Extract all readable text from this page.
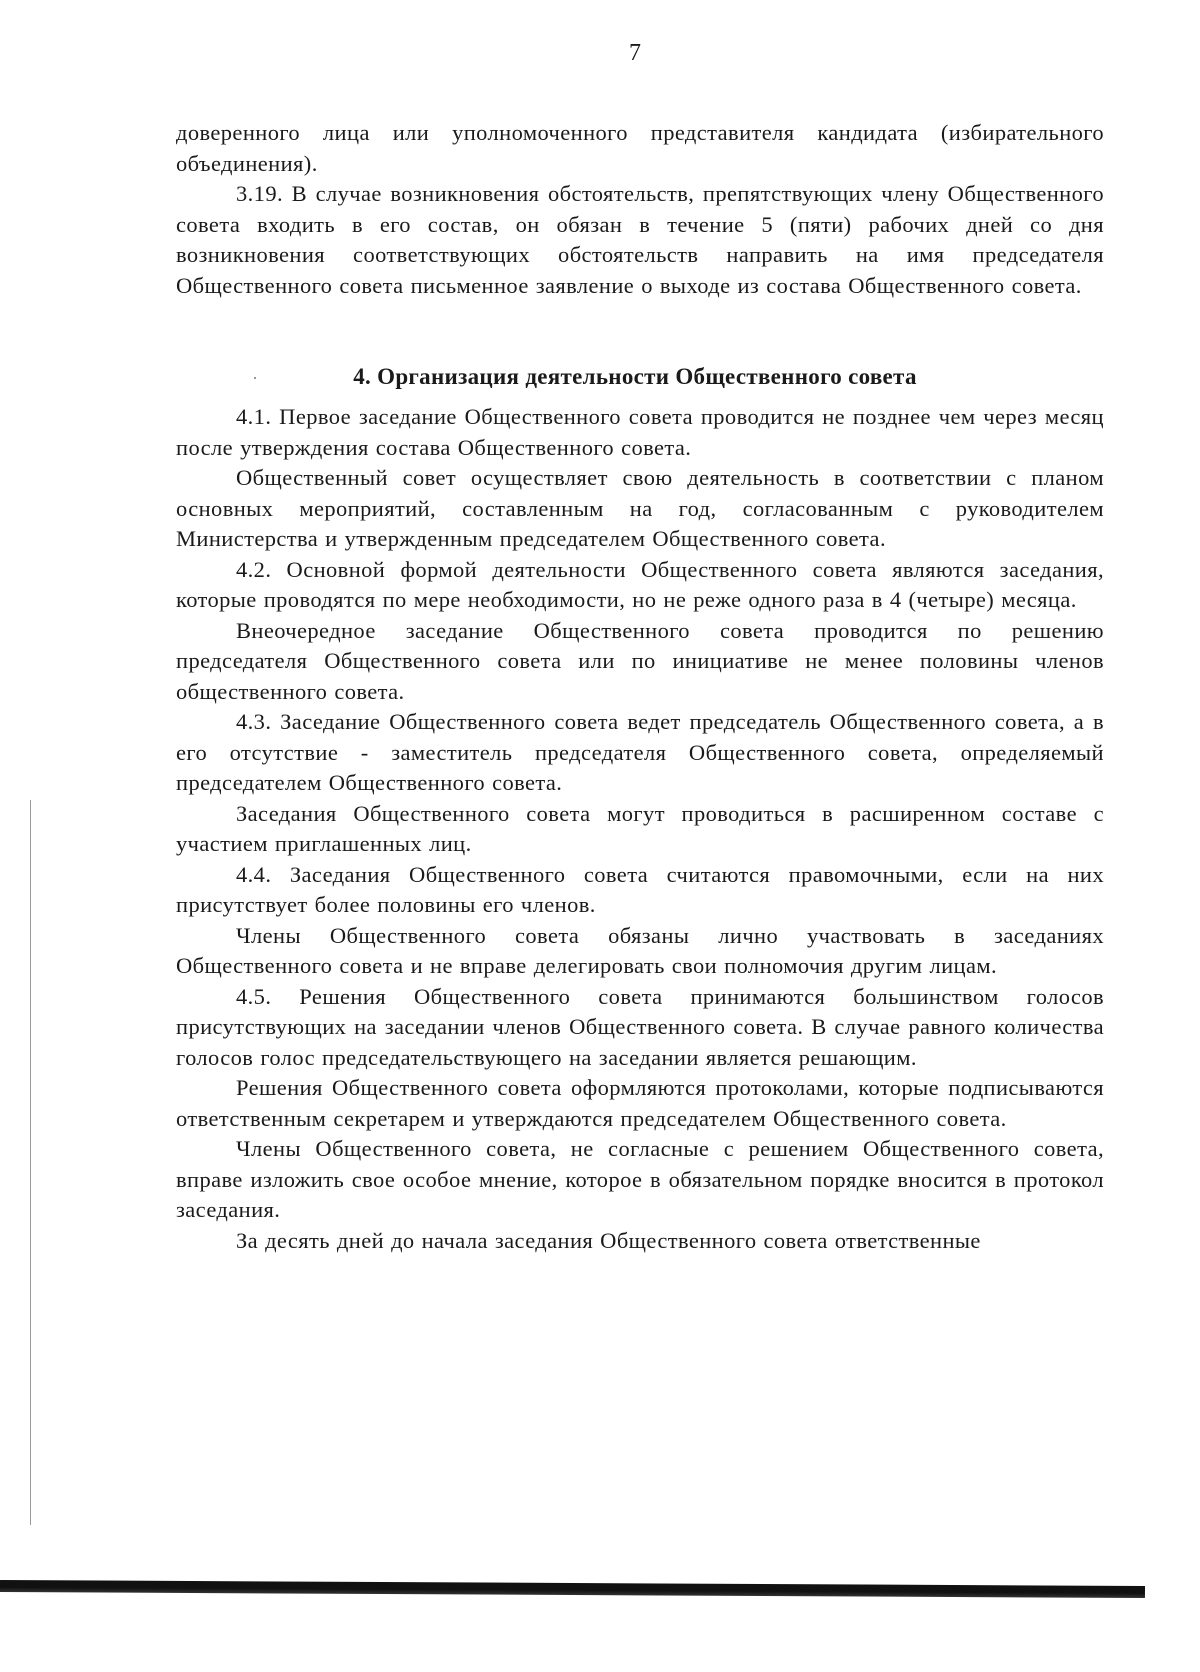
7

доверенного лица или уполномоченного представителя кандидата (избирательного объединения).

3.19. В случае возникновения обстоятельств, препятствующих члену Общественного совета входить в его состав, он обязан в течение 5 (пяти) рабочих дней со дня возникновения соответствующих обстоятельств направить на имя председателя Общественного совета письменное заявление о выходе из состава Общественного совета.

4. Организация деятельности Общественного совета

4.1. Первое заседание Общественного совета проводится не позднее чем через месяц после утверждения состава Общественного совета.

Общественный совет осуществляет свою деятельность в соответствии с планом основных мероприятий, составленным на год, согласованным с руководителем Министерства и утвержденным председателем Общественного совета.

4.2. Основной формой деятельности Общественного совета являются заседания, которые проводятся по мере необходимости, но не реже одного раза в 4 (четыре) месяца.

Внеочередное заседание Общественного совета проводится по решению председателя Общественного совета или по инициативе не менее половины членов общественного совета.

4.3. Заседание Общественного совета ведет председатель Общественного совета, а в его отсутствие - заместитель председателя Общественного совета, определяемый председателем Общественного совета.

Заседания Общественного совета могут проводиться в расширенном составе с участием приглашенных лиц.

4.4. Заседания Общественного совета считаются правомочными, если на них присутствует более половины его членов.

Члены Общественного совета обязаны лично участвовать в заседаниях Общественного совета и не вправе делегировать свои полномочия другим лицам.

4.5. Решения Общественного совета принимаются большинством голосов присутствующих на заседании членов Общественного совета. В случае равного количества голосов голос председательствующего на заседании является решающим.

Решения Общественного совета оформляются протоколами, которые подписываются ответственным секретарем и утверждаются председателем Общественного совета.

Члены Общественного совета, не согласные с решением Общественного совета, вправе изложить свое особое мнение, которое в обязательном порядке вносится в протокол заседания.

За десять дней до начала заседания Общественного совета ответственные
